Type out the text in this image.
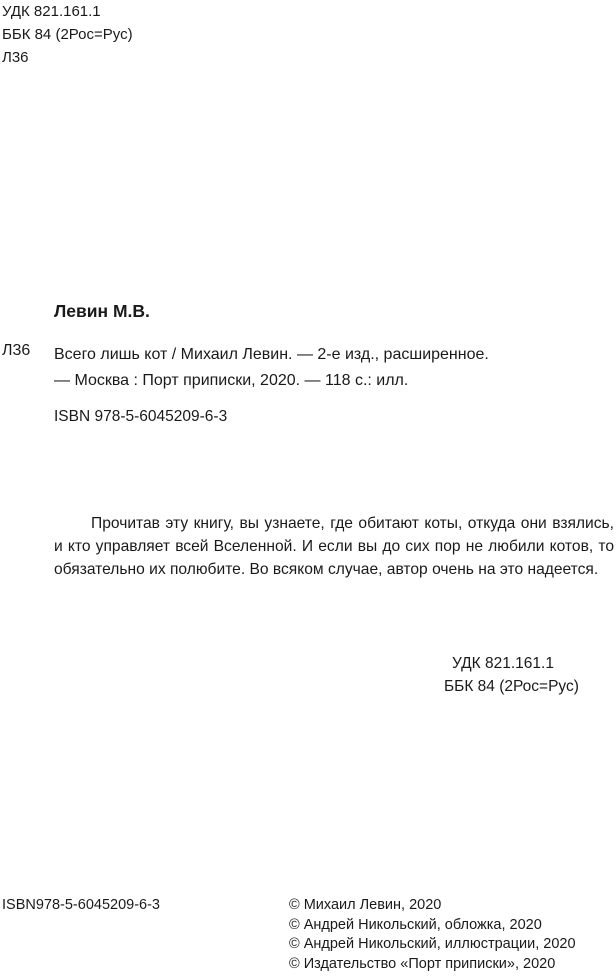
УДК 821.161.1
ББК 84 (2Рос=Рус)
Л36
Левин М.В.
Л36 Всего лишь кот / Михаил Левин. — 2-е изд., расширенное.
— Москва : Порт приписки, 2020. — 118 с.: илл.
ISBN 978-5-6045209-6-3

Прочитав эту книгу, вы узнаете, где обитают коты, откуда они взялись, и кто управляет всей Вселенной. И если вы до сих пор не любили котов, то обязательно их полюбите. Во всяком случае, автор очень на это надеется.

УДК 821.161.1
ББК 84 (2Рос=Рус)
ISBN978-5-6045209-6-3	© Михаил Левин, 2020
© Андрей Никольский, обложка, 2020
© Андрей Никольский, иллюстрации, 2020
© Издательство «Порт приписки», 2020
